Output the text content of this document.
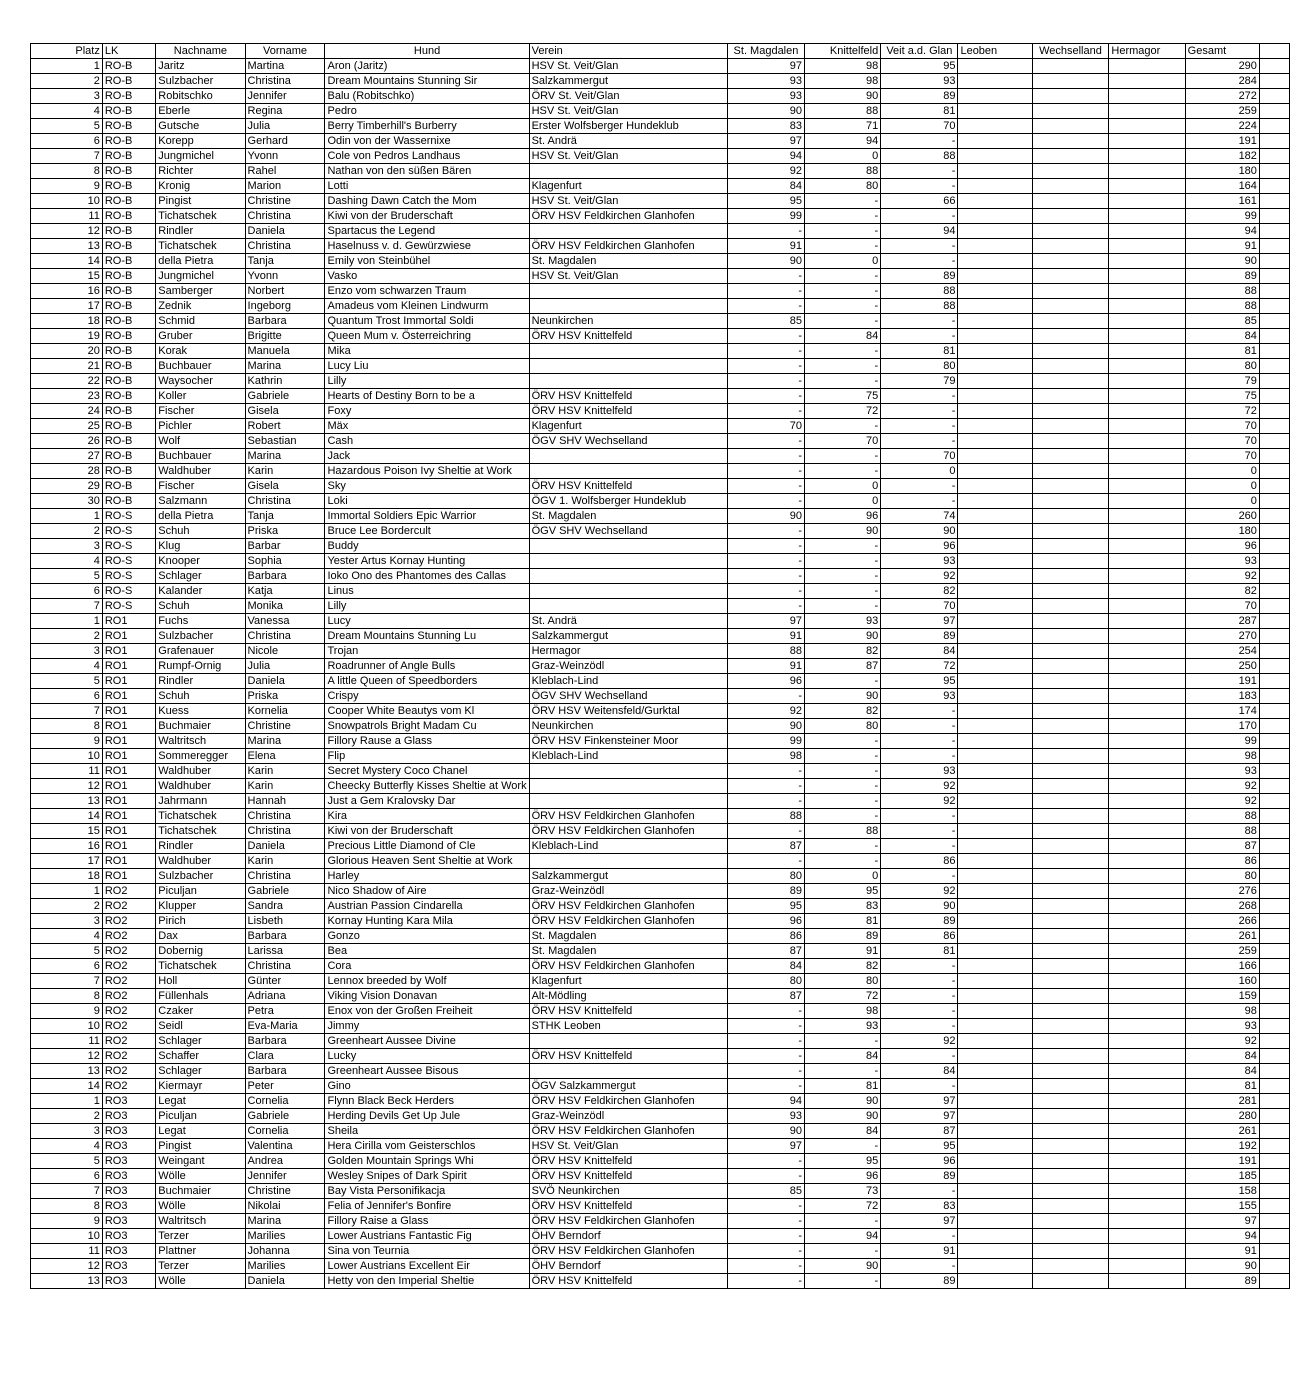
Platz	LK	Nachname	Vorname	Hund	Verein	St. Magdalen	Knittelfeld	Veit a.d. Glan	Leoben	Wechselland	Hermagor	Gesamt	
1	RO-B	Jaritz	Martina	Aron (Jaritz)	HSV St. Veit/Glan	97	98	95				290	
2	RO-B	Sulzbacher	Christina	Dream Mountains Stunning Sir	Salzkammergut	93	98	93				284	
3	RO-B	Robitschko	Jennifer	Balu (Robitschko)	ÖRV St. Veit/Glan	93	90	89				272	
4	RO-B	Eberle	Regina	Pedro	HSV St. Veit/Glan	90	88	81				259	
5	RO-B	Gutsche	Julia	Berry Timberhill's Burberry	Erster Wolfsberger Hundeklub	83	71	70				224	
6	RO-B	Korepp	Gerhard	Odin von der Wassernixe	St. Andrä	97	94	-				191	
7	RO-B	Jungmichel	Yvonn	Cole von Pedros Landhaus	HSV St. Veit/Glan	94	0	88				182	
8	RO-B	Richter	Rahel	Nathan von den süßen Bären		92	88	-				180	
9	RO-B	Kronig	Marion	Lotti	Klagenfurt	84	80	-				164	
10	RO-B	Pingist	Christine	Dashing Dawn Catch the Mom	HSV St. Veit/Glan	95	-	66				161	
11	RO-B	Tichatschek	Christina	Kiwi von der Bruderschaft	ÖRV HSV Feldkirchen Glanhofen	99	-	-				99	
12	RO-B	Rindler	Daniela	Spartacus the Legend		-	-	94				94	
13	RO-B	Tichatschek	Christina	Haselnuss v. d. Gewürzwiese	ÖRV HSV Feldkirchen Glanhofen	91	-	-				91	
14	RO-B	della Pietra	Tanja	Emily von Steinbühel	St. Magdalen	90	0	-				90	
15	RO-B	Jungmichel	Yvonn	Vasko	HSV St. Veit/Glan	-	-	89				89	
16	RO-B	Samberger	Norbert	Enzo vom schwarzen Traum		-	-	88				88	
17	RO-B	Zednik	Ingeborg	Amadeus vom Kleinen Lindwurm		-	-	88				88	
18	RO-B	Schmid	Barbara	Quantum Trost Immortal Soldi	Neunkirchen	85	-	-				85	
19	RO-B	Gruber	Brigitte	Queen Mum v. Österreichring	ÖRV HSV Knittelfeld	-	84	-				84	
20	RO-B	Korak	Manuela	Mika		-	-	81				81	
21	RO-B	Buchbauer	Marina	Lucy Liu		-	-	80				80	
22	RO-B	Waysocher	Kathrin	Lilly		-	-	79				79	
23	RO-B	Koller	Gabriele	Hearts of Destiny Born to be a	ÖRV HSV Knittelfeld	-	75	-				75	
24	RO-B	Fischer	Gisela	Foxy	ÖRV HSV Knittelfeld	-	72	-				72	
25	RO-B	Pichler	Robert	Mäx	Klagenfurt	70	-	-				70	
26	RO-B	Wolf	Sebastian	Cash	ÖGV SHV Wechselland	-	70	-				70	
27	RO-B	Buchbauer	Marina	Jack		-	-	70				70	
28	RO-B	Waldhuber	Karin	Hazardous Poison Ivy Sheltie at Work		-	-	0				0	
29	RO-B	Fischer	Gisela	Sky	ÖRV HSV Knittelfeld	-	0	-				0	
30	RO-B	Salzmann	Christina	Loki	ÖGV 1. Wolfsberger Hundeklub	-	0	-				0	
1	RO-S	della Pietra	Tanja	Immortal Soldiers Epic Warrior	St. Magdalen	90	96	74				260	
2	RO-S	Schuh	Priska	Bruce Lee Bordercult	ÖGV SHV Wechselland	-	90	90				180	
3	RO-S	Klug	Barbar	Buddy		-	-	96				96	
4	RO-S	Knooper	Sophia	Yester Artus Kornay Hunting		-	-	93				93	
5	RO-S	Schlager	Barbara	Ioko Ono des Phantomes des Callas		-	-	92				92	
6	RO-S	Kalander	Katja	Linus		-	-	82				82	
7	RO-S	Schuh	Monika	Lilly		-	-	70				70	
1	RO1	Fuchs	Vanessa	Lucy	St. Andrä	97	93	97				287	
2	RO1	Sulzbacher	Christina	Dream Mountains Stunning Lu	Salzkammergut	91	90	89				270	
3	RO1	Grafenauer	Nicole	Trojan	Hermagor	88	82	84				254	
4	RO1	Rumpf-Ornig	Julia	Roadrunner of Angle Bulls	Graz-Weinzödl	91	87	72				250	
5	RO1	Rindler	Daniela	A little Queen of Speedborders	Kleblach-Lind	96	-	95				191	
6	RO1	Schuh	Priska	Crispy	ÖGV SHV Wechselland	-	90	93				183	
7	RO1	Kuess	Kornelia	Cooper White Beautys vom Kl	ÖRV HSV Weitensfeld/Gurktal	92	82	-				174	
8	RO1	Buchmaier	Christine	Snowpatrols Bright Madam Cu	Neunkirchen	90	80	-				170	
9	RO1	Waltritsch	Marina	Fillory Rause a Glass	ÖRV HSV Finkensteiner Moor	99	-	-				99	
10	RO1	Sommeregger	Elena	Flip	Kleblach-Lind	98	-	-				98	
11	RO1	Waldhuber	Karin	Secret Mystery Coco Chanel		-	-	93				93	
12	RO1	Waldhuber	Karin	Cheecky Butterfly Kisses Sheltie at Work		-	-	92				92	
13	RO1	Jahrmann	Hannah	Just a Gem Kralovsky Dar		-	-	92				92	
14	RO1	Tichatschek	Christina	Kira	ÖRV HSV Feldkirchen Glanhofen	88	-	-				88	
15	RO1	Tichatschek	Christina	Kiwi von der Bruderschaft	ÖRV HSV Feldkirchen Glanhofen	-	88	-				88	
16	RO1	Rindler	Daniela	Precious Little Diamond of Cle	Kleblach-Lind	87	-	-				87	
17	RO1	Waldhuber	Karin	Glorious Heaven Sent Sheltie at Work		-	-	86				86	
18	RO1	Sulzbacher	Christina	Harley	Salzkammergut	80	0	-				80	
1	RO2	Piculjan	Gabriele	Nico Shadow of Aire	Graz-Weinzödl	89	95	92				276	
2	RO2	Klupper	Sandra	Austrian Passion Cindarella	ÖRV HSV Feldkirchen Glanhofen	95	83	90				268	
3	RO2	Pirich	Lisbeth	Kornay Hunting Kara Mila	ÖRV HSV Feldkirchen Glanhofen	96	81	89				266	
4	RO2	Dax	Barbara	Gonzo	St. Magdalen	86	89	86				261	
5	RO2	Dobernig	Larissa	Bea	St. Magdalen	87	91	81				259	
6	RO2	Tichatschek	Christina	Cora	ÖRV HSV Feldkirchen Glanhofen	84	82	-				166	
7	RO2	Holl	Günter	Lennox breeded by Wolf	Klagenfurt	80	80	-				160	
8	RO2	Füllenhals	Adriana	Viking Vision Donavan	Alt-Mödling	87	72	-				159	
9	RO2	Czaker	Petra	Enox von der Großen Freiheit	ÖRV HSV Knittelfeld	-	98	-				98	
10	RO2	Seidl	Eva-Maria	Jimmy	STHK Leoben	-	93	-				93	
11	RO2	Schlager	Barbara	Greenheart Aussee Divine		-	-	92				92	
12	RO2	Schaffer	Clara	Lucky	ÖRV HSV Knittelfeld	-	84	-				84	
13	RO2	Schlager	Barbara	Greenheart Aussee Bisous		-	-	84				84	
14	RO2	Kiermayr	Peter	Gino	ÖGV Salzkammergut	-	81	-				81	
1	RO3	Legat	Cornelia	Flynn Black Beck Herders	ÖRV HSV Feldkirchen Glanhofen	94	90	97				281	
2	RO3	Piculjan	Gabriele	Herding Devils Get Up Jule	Graz-Weinzödl	93	90	97				280	
3	RO3	Legat	Cornelia	Sheila	ÖRV HSV Feldkirchen Glanhofen	90	84	87				261	
4	RO3	Pingist	Valentina	Hera Cirilla vom Geisterschlos	HSV St. Veit/Glan	97	-	95				192	
5	RO3	Weingant	Andrea	Golden Mountain Springs Whi	ÖRV HSV Knittelfeld	-	95	96				191	
6	RO3	Wölle	Jennifer	Wesley Snipes of Dark Spirit	ÖRV HSV Knittelfeld	-	96	89				185	
7	RO3	Buchmaier	Christine	Bay Vista Personifikacja	SVÖ Neunkirchen	85	73	-				158	
8	RO3	Wölle	Nikolai	Felia of Jennifer's Bonfire	ÖRV HSV Knittelfeld	-	72	83				155	
9	RO3	Waltritsch	Marina	Fillory Raise a Glass	ÖRV HSV Feldkirchen Glanhofen	-	-	97				97	
10	RO3	Terzer	Marilies	Lower Austrians Fantastic Fig	ÖHV Berndorf	-	94	-				94	
11	RO3	Plattner	Johanna	Sina von Teurnia	ÖRV HSV Feldkirchen Glanhofen	-	-	91				91	
12	RO3	Terzer	Marilies	Lower Austrians Excellent Eir	ÖHV Berndorf	-	90	-				90	
13	RO3	Wölle	Daniela	Hetty von den Imperial Sheltie	ÖRV HSV Knittelfeld	-	-	89				89	
